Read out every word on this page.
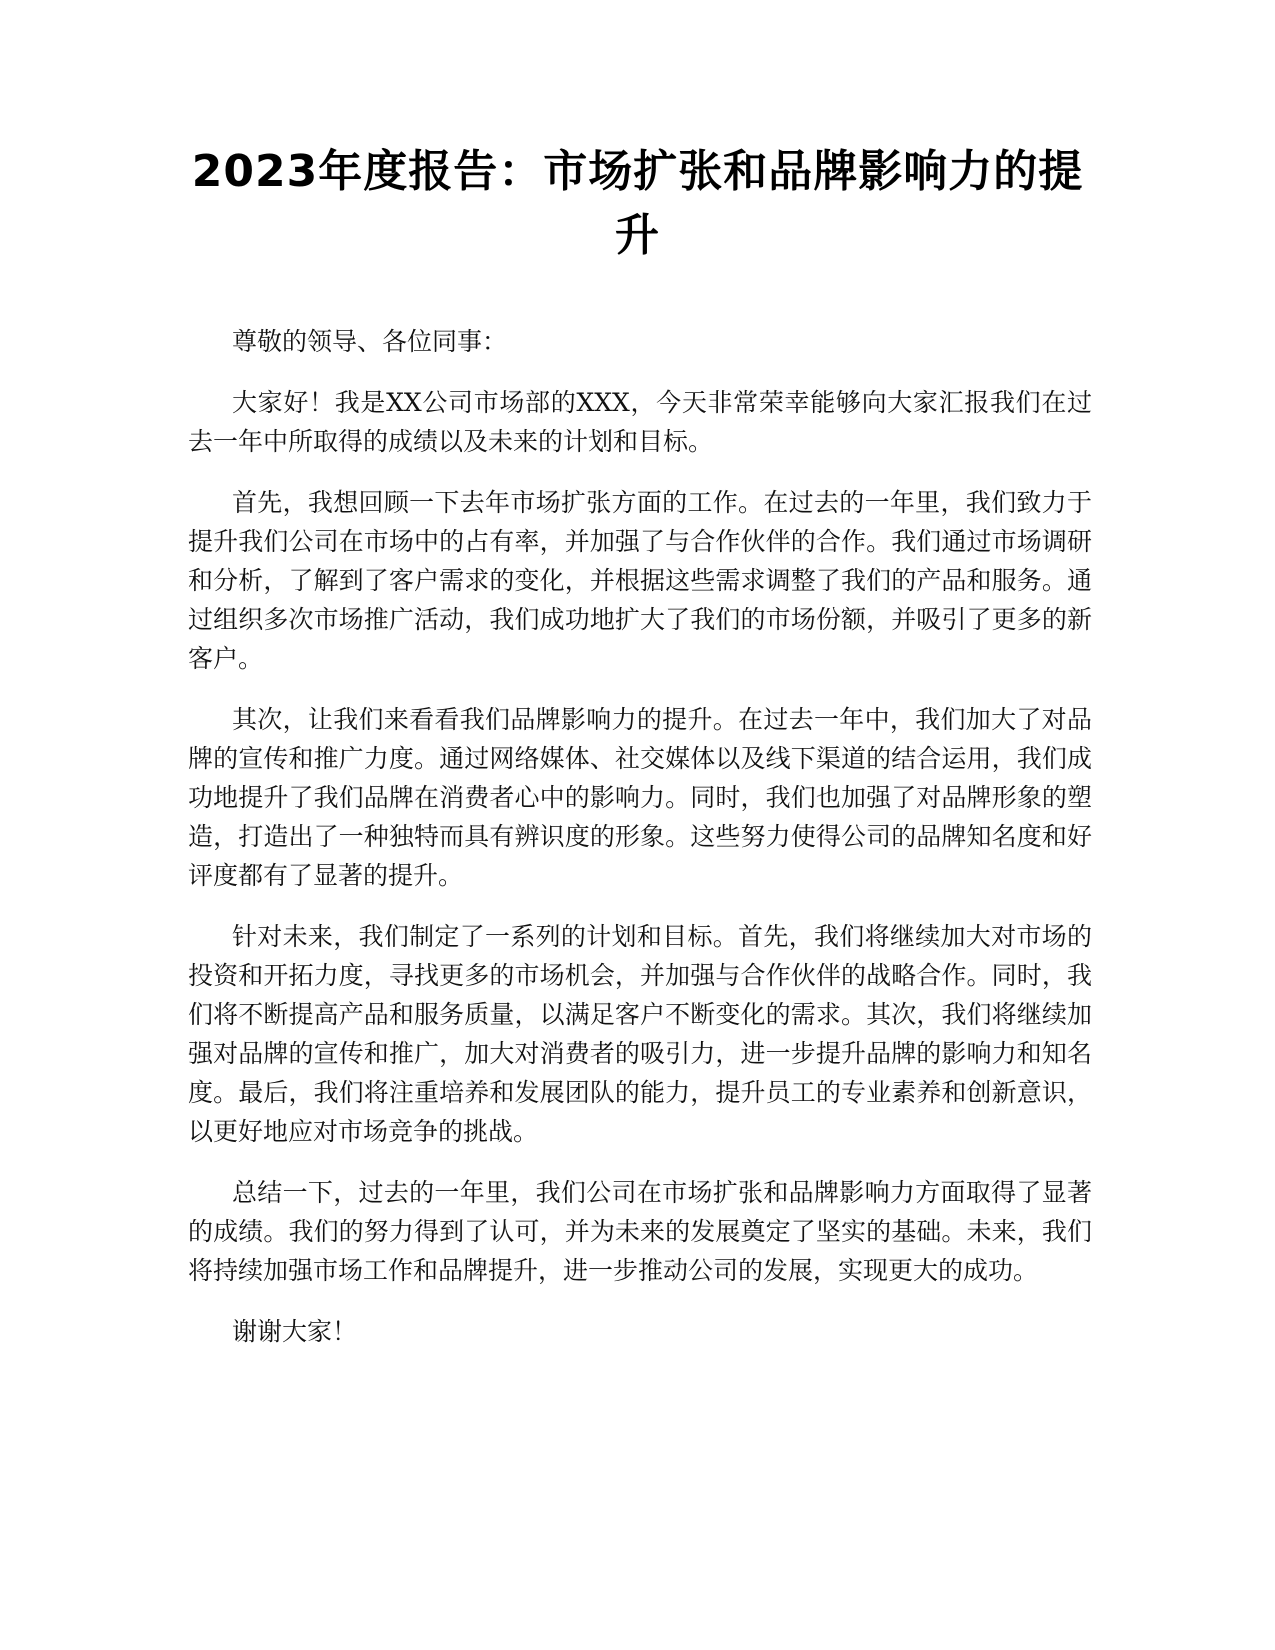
2023年度报告：市场扩张和品牌影响力的提升

尊敬的领导、各位同事：

大家好！我是XX公司市场部的XXX，今天非常荣幸能够向大家汇报我们在过去一年中所取得的成绩以及未来的计划和目标。

首先，我想回顾一下去年市场扩张方面的工作。在过去的一年里，我们致力于提升我们公司在市场中的占有率，并加强了与合作伙伴的合作。我们通过市场调研和分析，了解到了客户需求的变化，并根据这些需求调整了我们的产品和服务。通过组织多次市场推广活动，我们成功地扩大了我们的市场份额，并吸引了更多的新客户。

其次，让我们来看看我们品牌影响力的提升。在过去一年中，我们加大了对品牌的宣传和推广力度。通过网络媒体、社交媒体以及线下渠道的结合运用，我们成功地提升了我们品牌在消费者心中的影响力。同时，我们也加强了对品牌形象的塑造，打造出了一种独特而具有辨识度的形象。这些努力使得公司的品牌知名度和好评度都有了显著的提升。

针对未来，我们制定了一系列的计划和目标。首先，我们将继续加大对市场的投资和开拓力度，寻找更多的市场机会，并加强与合作伙伴的战略合作。同时，我们将不断提高产品和服务质量，以满足客户不断变化的需求。其次，我们将继续加强对品牌的宣传和推广，加大对消费者的吸引力，进一步提升品牌的影响力和知名度。最后，我们将注重培养和发展团队的能力，提升员工的专业素养和创新意识，以更好地应对市场竞争的挑战。

总结一下，过去的一年里，我们公司在市场扩张和品牌影响力方面取得了显著的成绩。我们的努力得到了认可，并为未来的发展奠定了坚实的基础。未来，我们将持续加强市场工作和品牌提升，进一步推动公司的发展，实现更大的成功。

谢谢大家！
